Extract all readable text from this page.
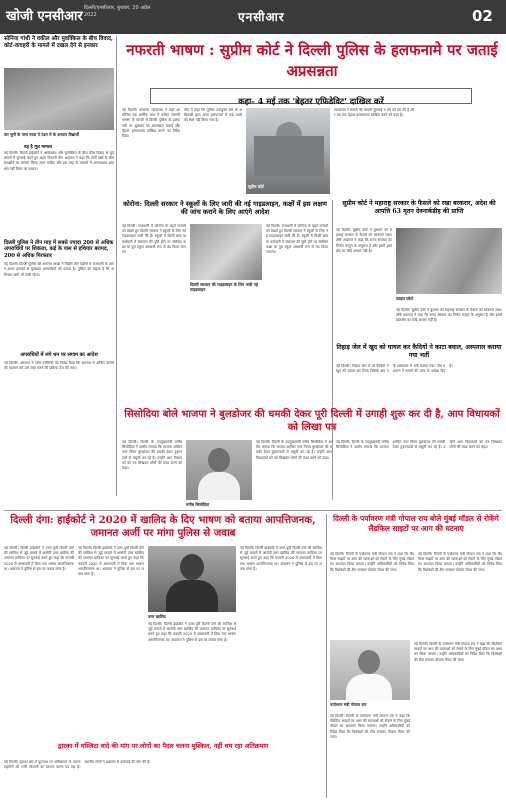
खोजी एनसीआर
दिल्ली/एनसीआर, बुधवार, 20 अप्रैल 2022	एनसीआर	02
सोनिया गांधी ने वकील और मुवक्किल के बीच विवाद, कोर्ट-कचहरी के मामले में दखल देने से इनकार
फर चूनी के पास नवरा पे टंडन में के शनदार विद्यार्थी
यह है मूल मामला
नई दिल्ली। दिल्ली हाईकोर्ट ने अधिवक्ता और मुवक्किल के बीच फीस विवाद से जुड़े मामले में सुनवाई करते हुए अहम टिप्पणी की। अदालत ने कहा कि दोनों पक्षों के बीच समझौते का सम्मान किया जाना चाहिए और इस तरह के मामलों में अनावश्यक हस्तक्षेप नहीं किया जा सकता।
दिल्ली पुलिस ने तीन माह में सबसे ज्यादा 200 से अधिक अपराधियों पर शिकंजा, कई के पास से हथियार बरामद, 200 से अधिक गिरफ्तार
नई दिल्ली। दिल्ली पुलिस की अपराध शाखा ने पिछले तीन महीनों में राजधानी के अलग-अलग इलाकों से कुख्यात अपराधियों को पकड़ा है। पुलिस का कहना है कि अभियान आगे भी जारी रहेगा।
अपराधियों में लगे धन पर लगाम का आदेश
नई दिल्ली। अदालत ने जांच एजेंसियों को निर्देश दिया कि अपराध से अर्जित संपत्ति की पहचान कर उसे जब्त करने की प्रक्रिया तेज की जाए।
नफरती भाषण : सुप्रीम कोर्ट ने दिल्ली पुलिस के हलफनामे पर जताई अप्रसन्नता
कहा- 4 मई तक 'बेहतर एफिडेविट' दाखिल करें
नई दिल्ली। उच्चतम न्यायालय ने यहां आयोजित एक धार्मिक सभा में कथित नफरती भाषण के मामले में दिल्ली पुलिस के हलफनामे पर शुक्रवार को अप्रसन्नता जताई और बेहतर हलफनामा दाखिल करने का निर्देश दिया।
पीठ ने कहा कि पुलिस उपायुक्त स्तर के अधिकारी द्वारा दायर हलफनामे में कई तथ्यों को स्पष्ट नहीं किया गया है।
सुप्रीम कोर्ट
न्यायालय ने मामले की अगली सुनवाई 9 मई को तय की है और तब तक बेहतर हलफनामा दाखिल करने को कहा है।
कोरोना: दिल्ली सरकार ने स्कूलों के लिए जारी की नई गाइडलाइन, कक्षों में इस लक्षण की जांच कराने के लिए आएंगे आदेश
दिल्ली सरकार की गाइडलाइन के लिए जारी नई गाइडलाइन
नई दिल्ली। राजधानी में कोरोना के बढ़ते मामलों को देखते हुए दिल्ली सरकार ने स्कूलों के लिए नई गाइडलाइन जारी की है। स्कूलों में किसी छात्र या कर्मचारी में संक्रमण की पुष्टि होने पर संबंधित कक्षा या पूरा स्कूल अस्थायी रूप से बंद किया जाएगा।
नई दिल्ली। राजधानी में कोरोना के बढ़ते मामलों को देखते हुए दिल्ली सरकार ने स्कूलों के लिए नई गाइडलाइन जारी की है। स्कूलों में किसी छात्र या कर्मचारी में संक्रमण की पुष्टि होने पर संबंधित कक्षा या पूरा स्कूल अस्थायी रूप से बंद किया जाएगा।
सुप्रीम कोर्ट ने महाराष्ट्र सरकार के फैसले को रखा बरकरार, अदेश की आपत्ति 63 मृतन देवनार्कडीह की प्राप्ति
नई दिल्ली। सुप्रीम कोर्ट ने बुधवार को महाराष्ट्र सरकार के फैसले को बरकरार रखा। शीर्ष अदालत ने कहा कि राज्य सरकार का निर्णय कानून के अनुरूप है और इसमें हस्तक्षेप का कोई आधार नहीं है।
फाइल फोटो
नई दिल्ली। सुप्रीम कोर्ट ने बुधवार को महाराष्ट्र सरकार के फैसले को बरकरार रखा। शीर्ष अदालत ने कहा कि राज्य सरकार का निर्णय कानून के अनुरूप है और इसमें हस्तक्षेप का कोई आधार नहीं है।
तिहाड़ जेल में खुद को घायल कर कैदियों ने काटा बवाल, अस्पताल कराया गया भर्ती
नई दिल्ली। तिहाड़ जेल में दो कैदियों ने खुद को घायल कर लिया जिसके बाद उन्हें अस्पताल में भर्ती कराया गया। जेल प्रशासन ने मामले की जांच के आदेश दिए हैं।
सिसोदिया बोले भाजपा ने बुलडोजर की धमकी देकर पूरी दिल्ली में उगाही शुरू कर दी है, आप विधायकों को लिखा पत्र
नई दिल्ली। दिल्ली के उपमुख्यमंत्री मनीष सिसोदिया ने आरोप लगाया कि भाजपा शासित नगर निगम बुलडोजर की धमकी देकर दुकानदारों से वसूली कर रहे हैं। उन्होंने आप विधायकों को पत्र लिखकर लोगों की मदद करने को कहा।
मनीष सिसोदिया
नई दिल्ली। दिल्ली के उपमुख्यमंत्री मनीष सिसोदिया ने आरोप लगाया कि भाजपा शासित नगर निगम बुलडोजर की धमकी देकर दुकानदारों से वसूली कर रहे हैं। उन्होंने आप विधायकों को पत्र लिखकर लोगों की मदद करने को कहा।
नई दिल्ली। दिल्ली के उपमुख्यमंत्री मनीष सिसोदिया ने आरोप लगाया कि भाजपा शासित नगर निगम बुलडोजर की धमकी देकर दुकानदारों से वसूली कर रहे हैं। उन्होंने आप विधायकों को पत्र लिखकर लोगों की मदद करने को कहा।
दिल्ली दंगा: हाईकोर्ट ने 2020 में खालिद के दिए भाषण को बताया आपत्तिजनक, जमानत अर्जी पर मांगा पुलिस से जवाब
नई दिल्ली। दिल्ली हाईकोर्ट ने उत्तर-पूर्वी दिल्ली दंगों की साजिश से जुड़े मामले में आरोपी उमर खालिद की जमानत याचिका पर सुनवाई करते हुए कहा कि फरवरी 2020 में अमरावती में दिया गया भाषण आपत्तिजनक था। अदालत ने पुलिस से इस पर जवाब मांगा है।
नई दिल्ली। दिल्ली हाईकोर्ट ने उत्तर-पूर्वी दिल्ली दंगों की साजिश से जुड़े मामले में आरोपी उमर खालिद की जमानत याचिका पर सुनवाई करते हुए कहा कि फरवरी 2020 में अमरावती में दिया गया भाषण आपत्तिजनक था। अदालत ने पुलिस से इस पर जवाब मांगा है।
उमर खालिद
नई दिल्ली। दिल्ली हाईकोर्ट ने उत्तर-पूर्वी दिल्ली दंगों की साजिश से जुड़े मामले में आरोपी उमर खालिद की जमानत याचिका पर सुनवाई करते हुए कहा कि फरवरी 2020 में अमरावती में दिया गया भाषण आपत्तिजनक था। अदालत ने पुलिस से इस पर जवाब मांगा है।
नई दिल्ली। दिल्ली हाईकोर्ट ने उत्तर-पूर्वी दिल्ली दंगों की साजिश से जुड़े मामले में आरोपी उमर खालिद की जमानत याचिका पर सुनवाई करते हुए कहा कि फरवरी 2020 में अमरावती में दिया गया भाषण आपत्तिजनक था। अदालत ने पुलिस से इस पर जवाब मांगा है।
द्वारका में मस्जिदा वादे की मांग पर लोगों का पैदल चलना मुश्किल, नहीं थम रहा अतिक्रमण
नई दिल्ली। द्वारका क्षेत्र में फुटपाथ पर अतिक्रमण के कारण राहगीरों को भारी परेशानी का सामना करना पड़ रहा है। स्थानीय लोगों ने प्रशासन से कार्रवाई की मांग की है।
दिल्ली के पर्यावरण मंत्री गोपाल राय बोले मुंबई मॉडल से रोकेंगे लैंडफिल साइटों पर आग की घटनाएं
नई दिल्ली। दिल्ली के पर्यावरण मंत्री गोपाल राय ने कहा कि लैंडफिल साइटों पर आग की घटनाओं को रोकने के लिए मुंबई मॉडल का अध्ययन किया जाएगा। उन्होंने अधिकारियों को निर्देश दिया कि विशेषज्ञों की टीम बनाकर योजना तैयार की जाए।
नई दिल्ली। दिल्ली के पर्यावरण मंत्री गोपाल राय ने कहा कि लैंडफिल साइटों पर आग की घटनाओं को रोकने के लिए मुंबई मॉडल का अध्ययन किया जाएगा। उन्होंने अधिकारियों को निर्देश दिया कि विशेषज्ञों की टीम बनाकर योजना तैयार की जाए।
पर्यावरण मंत्री गोपाल राय
नई दिल्ली। दिल्ली के पर्यावरण मंत्री गोपाल राय ने कहा कि लैंडफिल साइटों पर आग की घटनाओं को रोकने के लिए मुंबई मॉडल का अध्ययन किया जाएगा। उन्होंने अधिकारियों को निर्देश दिया कि विशेषज्ञों की टीम बनाकर योजना तैयार की जाए।
नई दिल्ली। दिल्ली के पर्यावरण मंत्री गोपाल राय ने कहा कि लैंडफिल साइटों पर आग की घटनाओं को रोकने के लिए मुंबई मॉडल का अध्ययन किया जाएगा। उन्होंने अधिकारियों को निर्देश दिया कि विशेषज्ञों की टीम बनाकर योजना तैयार की जाए।
